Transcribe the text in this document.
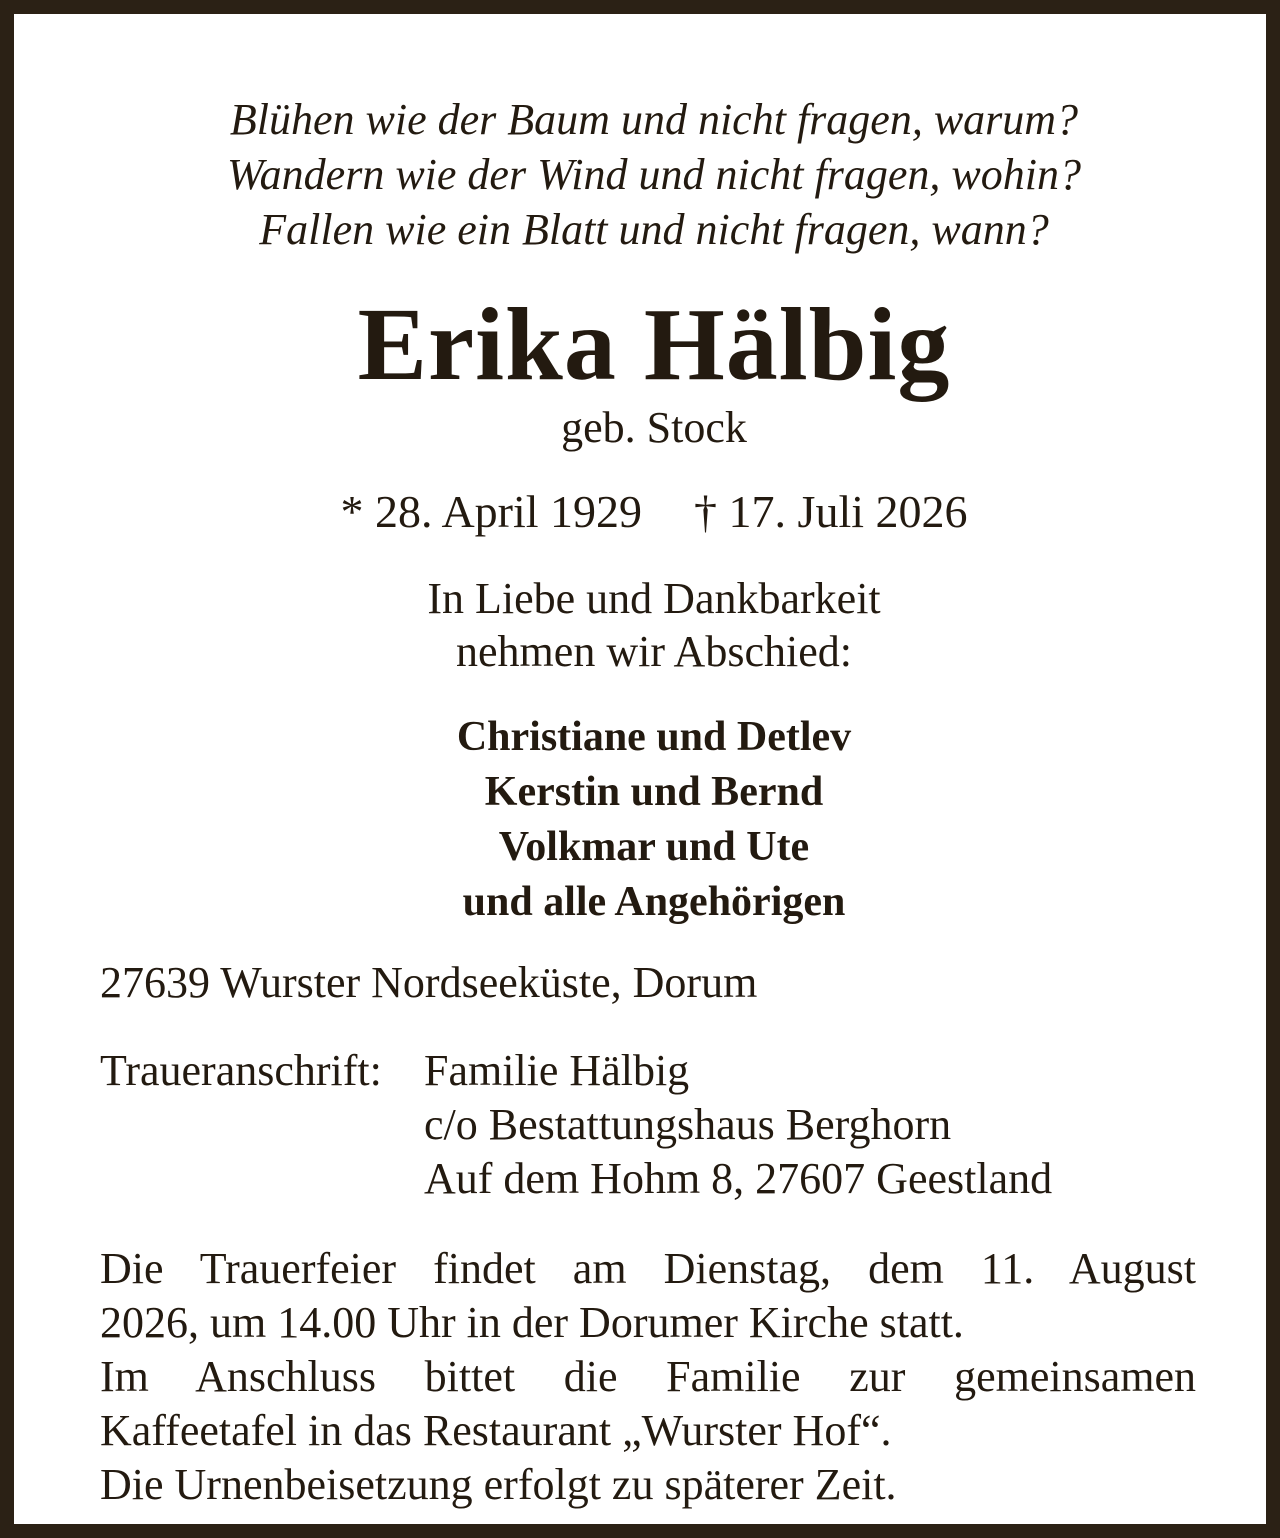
Blühen wie der Baum und nicht fragen, warum?
Wandern wie der Wind und nicht fragen, wohin?
Fallen wie ein Blatt und nicht fragen, wann?
Erika Hälbig
geb. Stock
* 28. April 1929 † 17. Juli 2026
In Liebe und Dankbarkeit
nehmen wir Abschied:
Christiane und Detlev
Kerstin und Bernd
Volkmar und Ute
und alle Angehörigen
27639 Wurster Nordseeküste, Dorum
Traueranschrift: Familie Hälbig
c/o Bestattungshaus Berghorn
Auf dem Hohm 8, 27607 Geestland
Die Trauerfeier findet am Dienstag, dem 11. August
2026, um 14.00 Uhr in der Dorumer Kirche statt.
Im Anschluss bittet die Familie zur gemeinsamen
Kaffeetafel in das Restaurant „Wurster Hof“.
Die Urnenbeisetzung erfolgt zu späterer Zeit.
